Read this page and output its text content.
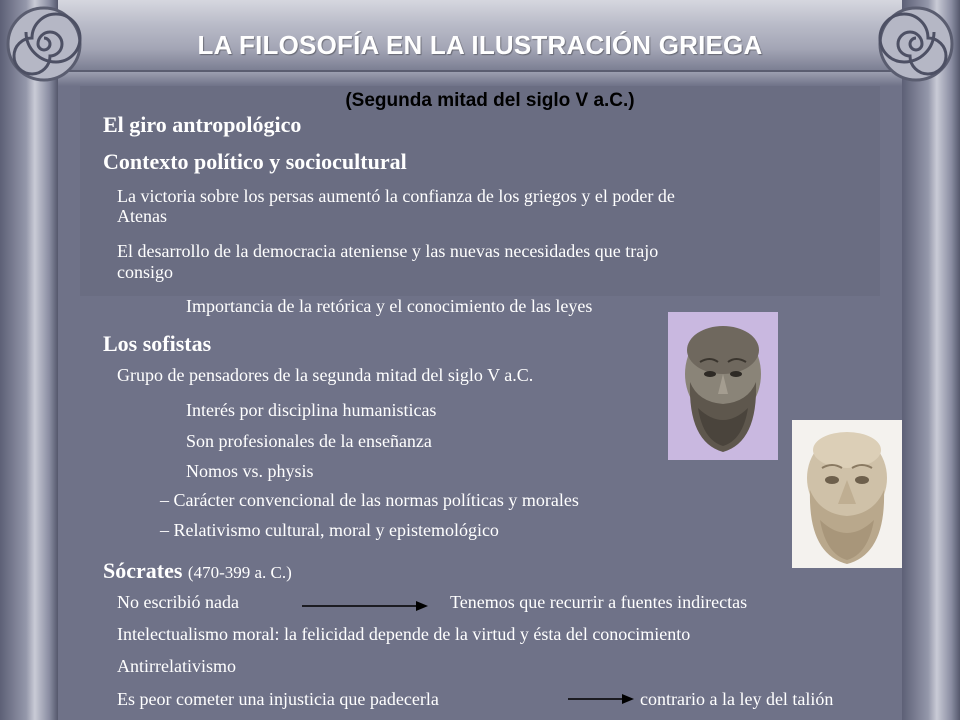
LA FILOSOFÍA EN LA ILUSTRACIÓN GRIEGA
(Segunda mitad del siglo V a.C.)
El giro antropológico
Contexto político y sociocultural
La victoria sobre los persas aumentó la confianza de los griegos y el poder de
Atenas
El desarrollo de la democracia ateniense y las nuevas necesidades que trajo
consigo
Importancia de la retórica y el conocimiento de las leyes
Los sofistas
Grupo de pensadores de la segunda mitad del siglo V a.C.
Interés por disciplina humanisticas
Son profesionales de la enseñanza
Nomos vs. physis
– Carácter convencional de las normas políticas y morales
– Relativismo cultural, moral y epistemológico
Sócrates (470-399 a. C.)
No escribió nada	Tenemos que recurrir a fuentes indirectas
Intelectualismo moral: la felicidad depende de la virtud y ésta del conocimiento
Antirrelativismo
Es peor cometer una injusticia que padecerla	contrario a la ley del talión
